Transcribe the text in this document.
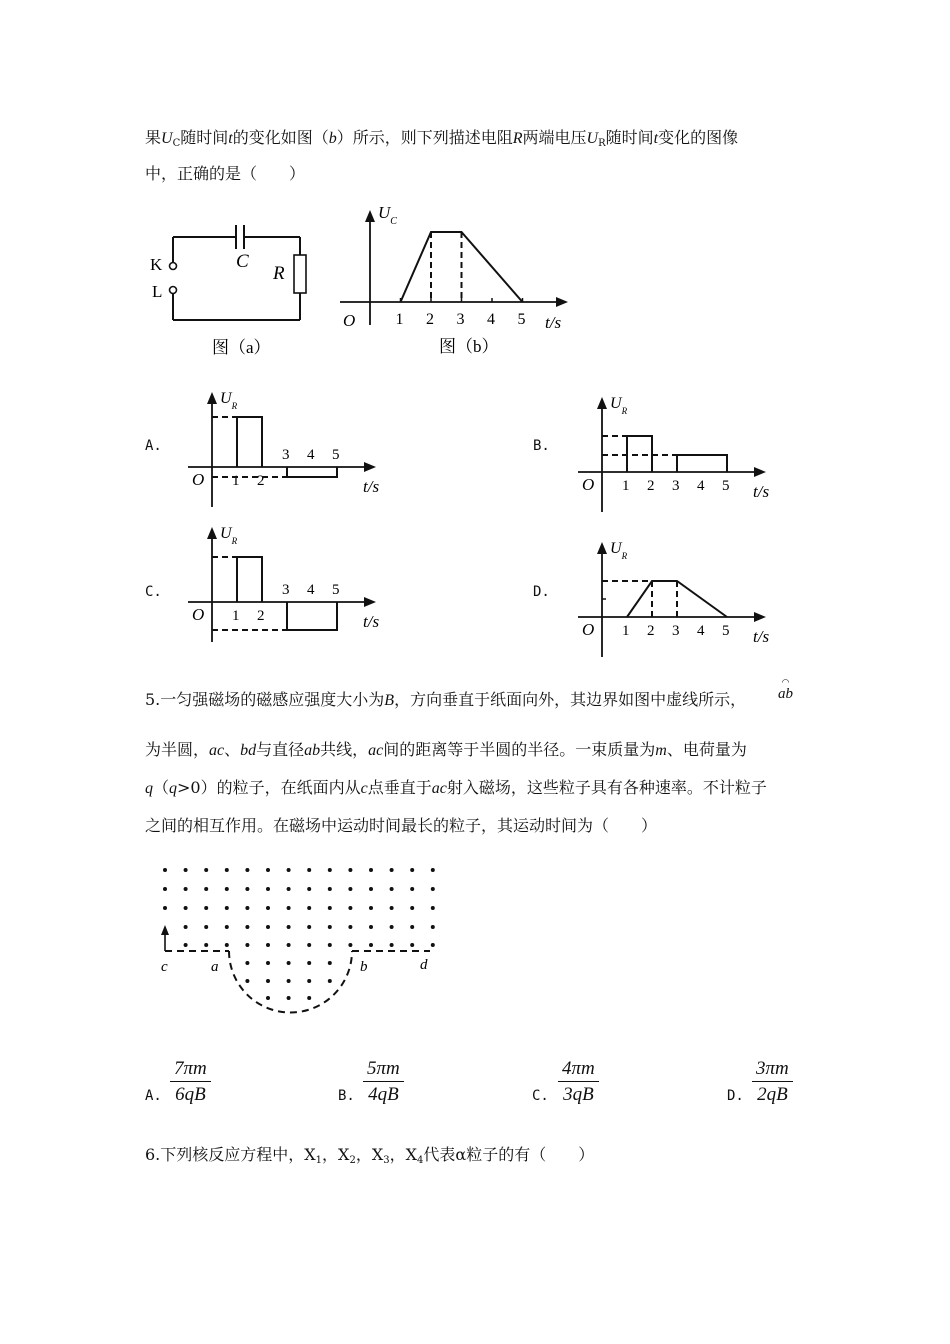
果$U_C$随时间t的变化如图（b）所示，则下列描述电阻R两端电压$U_R$随时间t变化的图像
中，正确的是（　　）
K
L
C
R
图（a）
$U_C$
O	t/s
1 2 3 4 5
图（b）
A.	B.
C.	D.
$U_R$
O	t/s
1 2
3 4 5
$U_R$
O	t/s
1 2 3 4 5
$U_R$
O	t/s
1 2
3 4 5
$U_R$
O	t/s
1 2 3 4 5
5.一匀强磁场的磁感应强度大小为B，方向垂直于纸面向外，其边界如图中虚线所示，
◠
ab
为半圆，ac、bd与直径ab共线，ac间的距离等于半圆的半径。一束质量为m、电荷量为
q（q>0）的粒子，在纸面内从c点垂直于ac射入磁场，这些粒子具有各种速率。不计粒子
之间的相互作用。在磁场中运动时间最长的粒子，其运动时间为（　　）
c	a	b	d
A. $\frac{7\pi m}{6qB}$	B. $\frac{5\pi m}{4qB}$	C. $\frac{4\pi m}{3qB}$	D. $\frac{3\pi m}{2qB}$
6.下列核反应方程中，$X_1$，$X_2$，$X_3$，$X_4$代表α粒子的有（　　）
